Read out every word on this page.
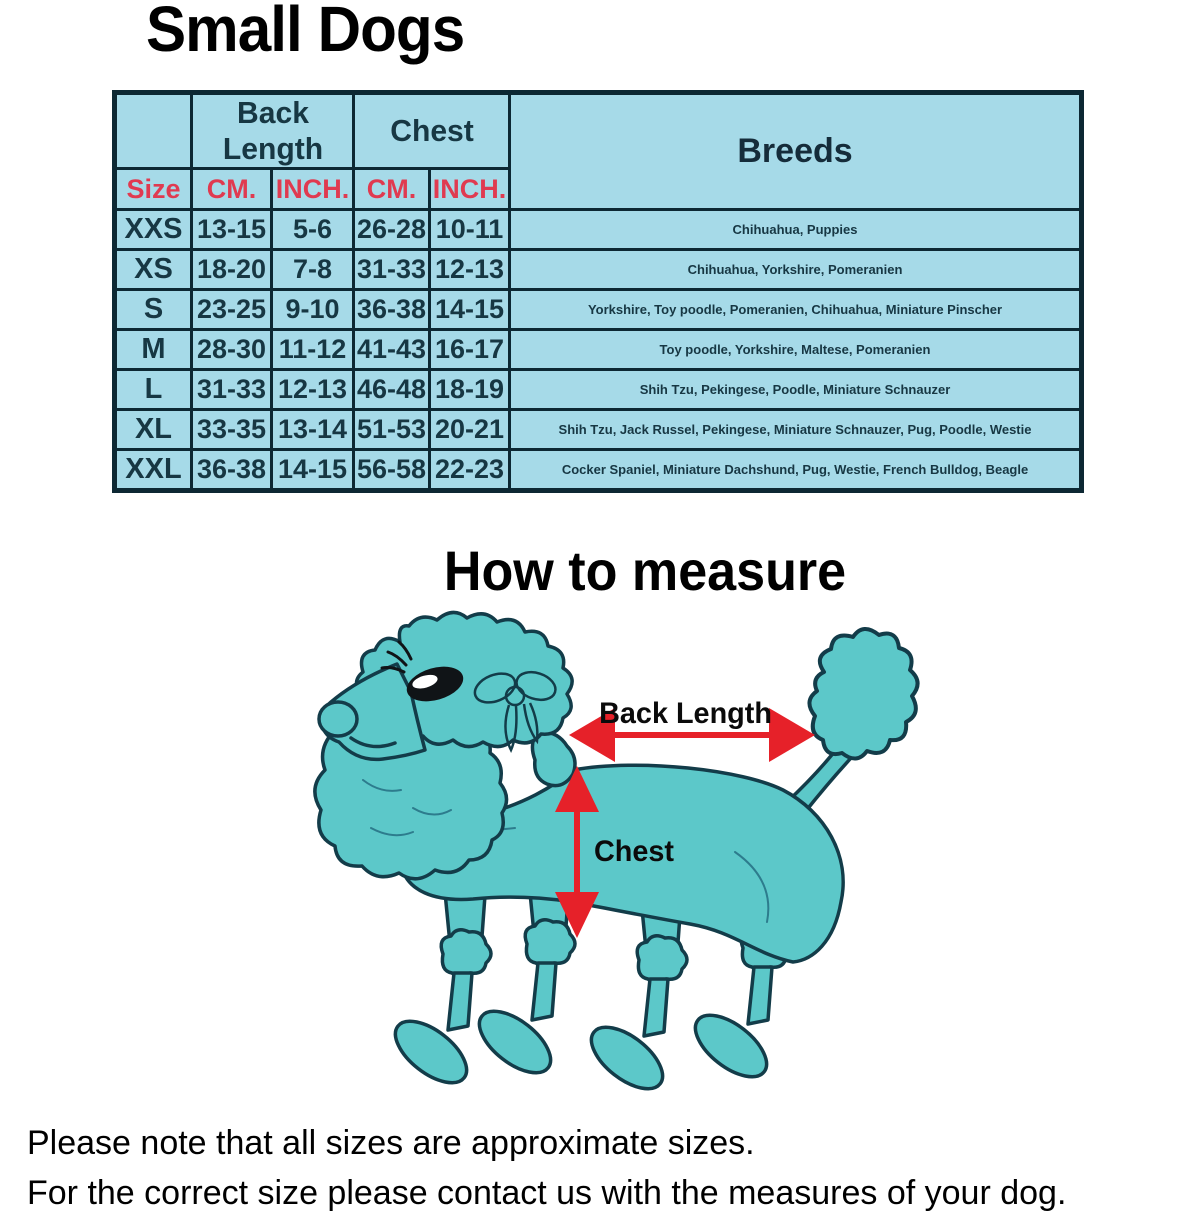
Small Dogs
	Back Length		Chest		Breeds
Size	CM.	INCH.	CM.	INCH.	
XXS	13-15	5-6	26-28	10-11	Chihuahua, Puppies
XS	18-20	7-8	31-33	12-13	Chihuahua, Yorkshire, Pomeranien
S	23-25	9-10	36-38	14-15	Yorkshire, Toy poodle, Pomeranien, Chihuahua, Miniature Pinscher
M	28-30	11-12	41-43	16-17	Toy poodle, Yorkshire, Maltese, Pomeranien
L	31-33	12-13	46-48	18-19	Shih Tzu, Pekingese, Poodle, Miniature Schnauzer
XL	33-35	13-14	51-53	20-21	Shih Tzu, Jack Russel, Pekingese, Miniature Schnauzer, Pug, Poodle, Westie
XXL	36-38	14-15	56-58	22-23	Cocker Spaniel, Miniature Dachshund, Pug, Westie, French Bulldog, Beagle
How to measure
Back Length
Chest
Please note that all sizes are approximate sizes.
For the correct size please contact us with the measures of your dog.
